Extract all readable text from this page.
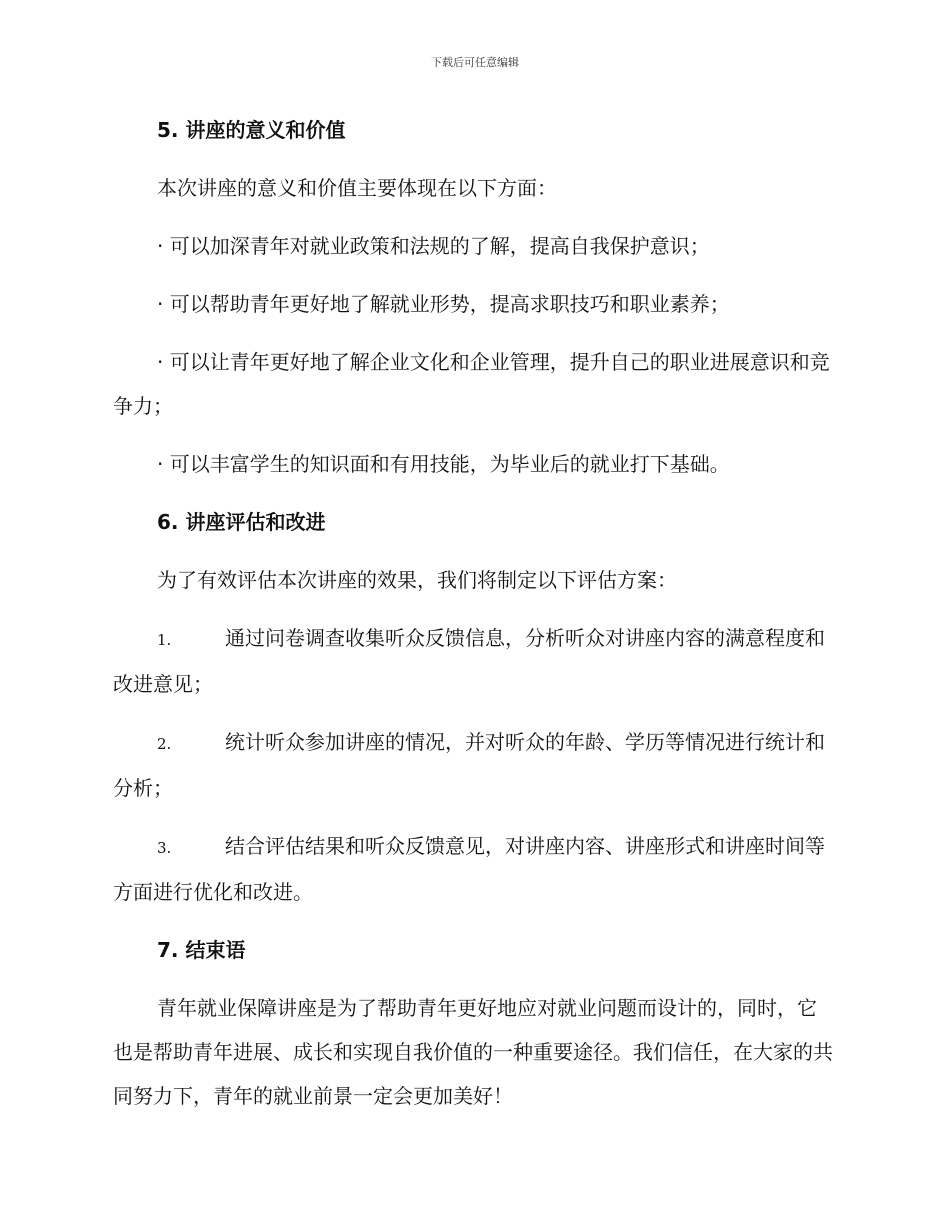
下载后可任意编辑
5. 讲座的意义和价值

本次讲座的意义和价值主要体现在以下方面：

· 可以加深青年对就业政策和法规的了解，提高自我保护意识；

· 可以帮助青年更好地了解就业形势，提高求职技巧和职业素养；

· 可以让青年更好地了解企业文化和企业管理，提升自己的职业进展意识和竞争力；

· 可以丰富学生的知识面和有用技能，为毕业后的就业打下基础。

6. 讲座评估和改进

为了有效评估本次讲座的效果，我们将制定以下评估方案：

1.	通过问卷调查收集听众反馈信息，分析听众对讲座内容的满意程度和改进意见；

2.	统计听众参加讲座的情况，并对听众的年龄、学历等情况进行统计和分析；

3.	结合评估结果和听众反馈意见，对讲座内容、讲座形式和讲座时间等方面进行优化和改进。

7. 结束语

青年就业保障讲座是为了帮助青年更好地应对就业问题而设计的，同时，它也是帮助青年进展、成长和实现自我价值的一种重要途径。我们信任，在大家的共同努力下，青年的就业前景一定会更加美好！
